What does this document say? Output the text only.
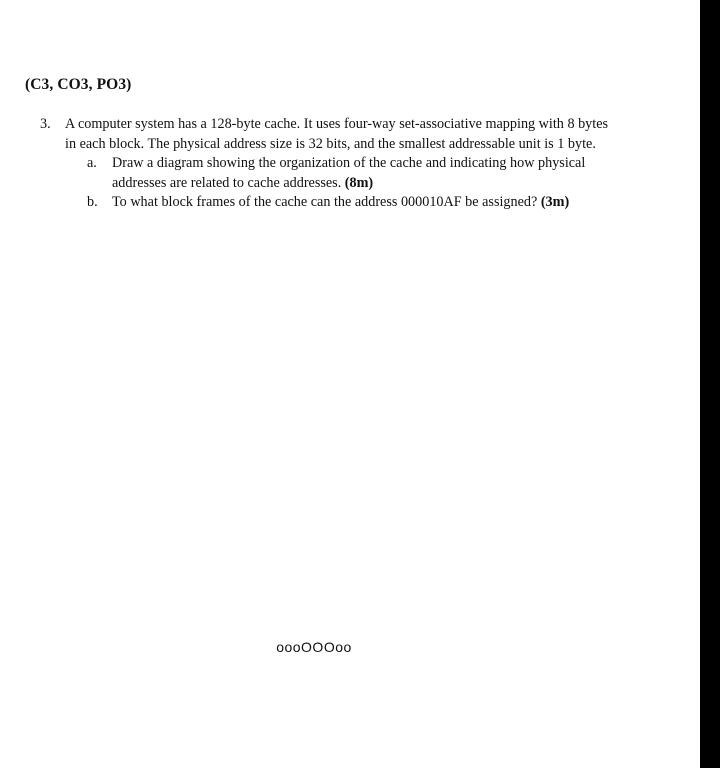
(C3, CO3, PO3)
3. A computer system has a 128-byte cache. It uses four-way set-associative mapping with 8 bytes in each block. The physical address size is 32 bits, and the smallest addressable unit is 1 byte.
a. Draw a diagram showing the organization of the cache and indicating how physical addresses are related to cache addresses. (8m)
b. To what block frames of the cache can the address 000010AF be assigned? (3m)
oooOOOoo
